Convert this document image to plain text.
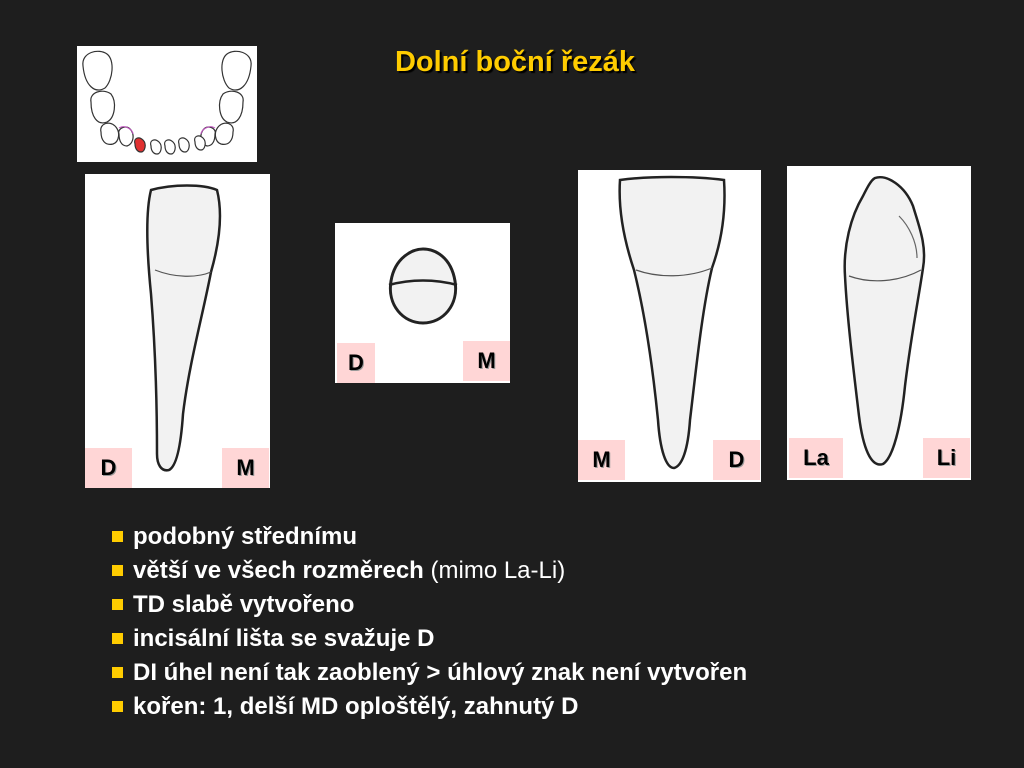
Dolní boční řezák
D	M
D	M
M	D	La	Li
podobný střednímu
větší ve všech rozměrech (mimo La-Li)
TD slabě vytvořeno
incisální lišta se svažuje D
DI úhel není tak zaoblený > úhlový znak není vytvořen
kořen: 1, delší MD oploštělý, zahnutý D
